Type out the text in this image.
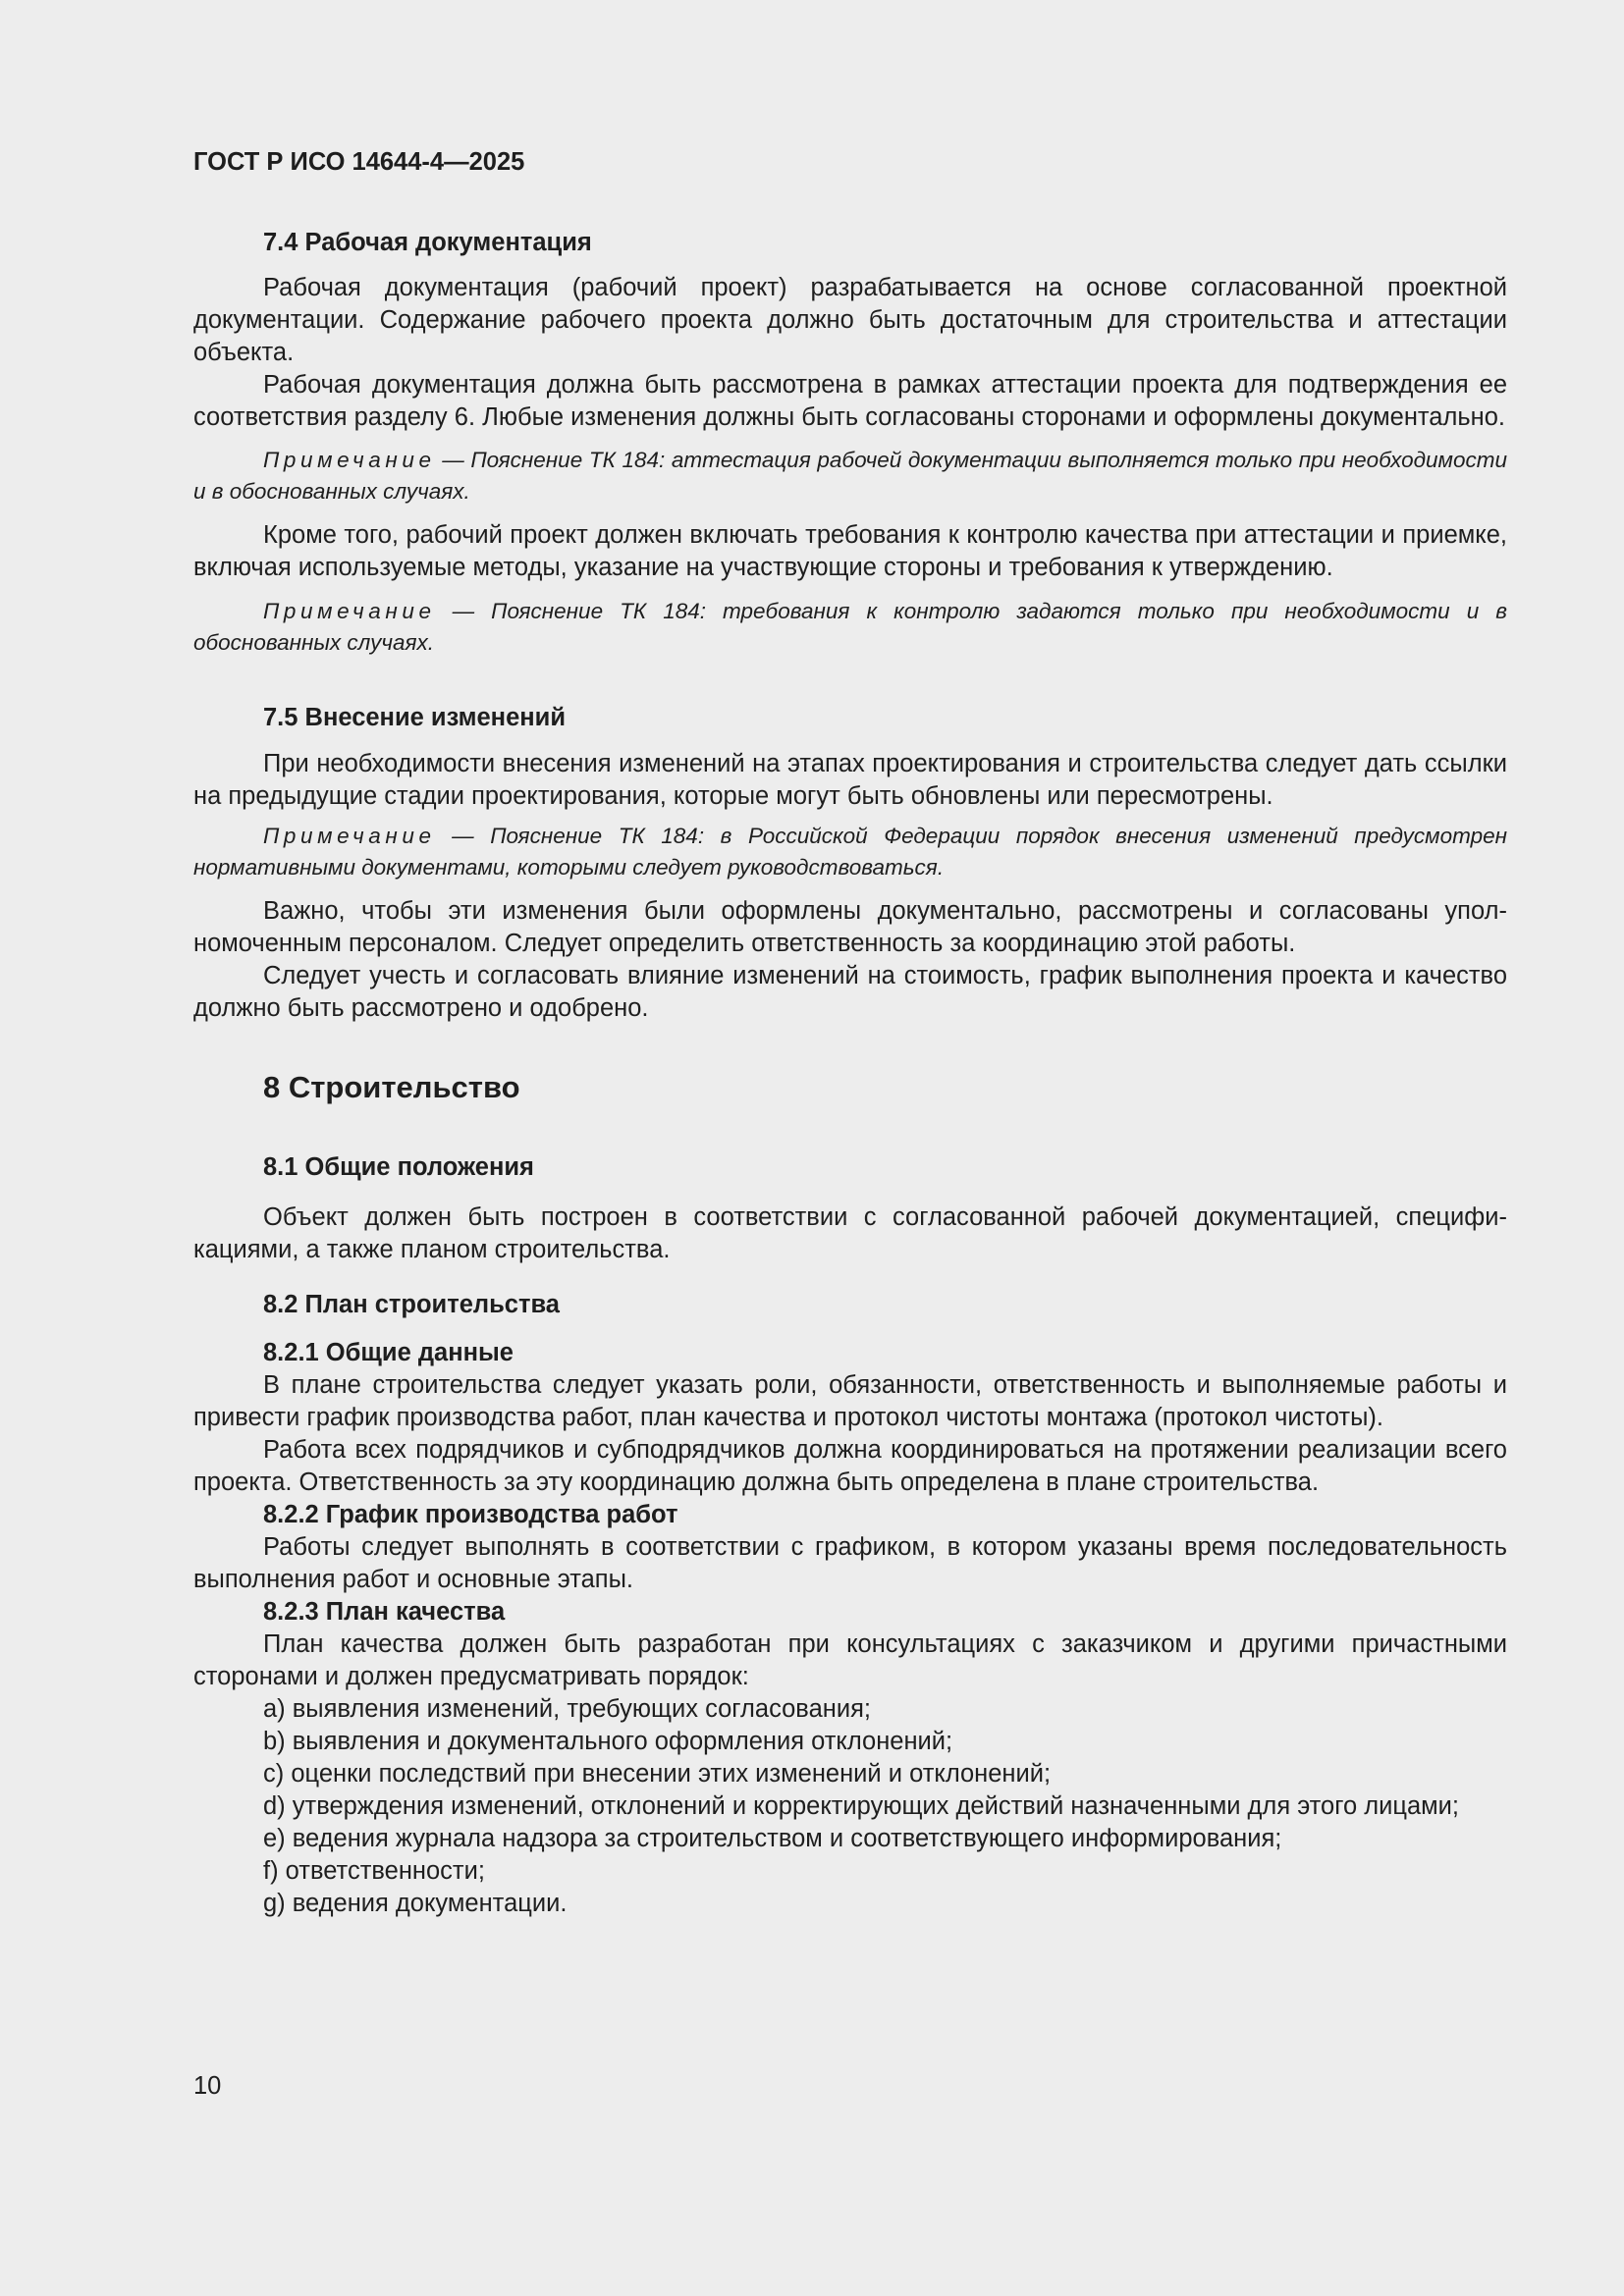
ГОСТ Р ИСО 14644-4—2025
7.4 Рабочая документация

Рабочая документация (рабочий проект) разрабатывается на основе согласованной проектной документации. Содержание рабочего проекта должно быть достаточным для строительства и аттестации объекта.

Рабочая документация должна быть рассмотрена в рамках аттестации проекта для подтверждения ее соответствия разделу 6. Любые изменения должны быть согласованы сторонами и оформлены документально.

Примечание — Пояснение ТК 184: аттестация рабочей документации выполняется только при необходимости и в обоснованных случаях.

Кроме того, рабочий проект должен включать требования к контролю качества при аттестации и приемке, включая используемые методы, указание на участвующие стороны и требования к утверждению.

Примечание — Пояснение ТК 184: требования к контролю задаются только при необходимости и в обоснованных случаях.

7.5 Внесение изменений

При необходимости внесения изменений на этапах проектирования и строительства следует дать ссылки на предыдущие стадии проектирования, которые могут быть обновлены или пересмотрены.

Примечание — Пояснение ТК 184: в Российской Федерации порядок внесения изменений предусмотрен нормативными документами, которыми следует руководствоваться.

Важно, чтобы эти изменения были оформлены документально, рассмотрены и согласованы уполномоченным персоналом. Следует определить ответственность за координацию этой работы.

Следует учесть и согласовать влияние изменений на стоимость, график выполнения проекта и качество должно быть рассмотрено и одобрено.

8 Строительство
8.1 Общие положения

Объект должен быть построен в соответствии с согласованной рабочей документацией, спецификациями, а также планом строительства.

8.2 План строительства
8.2.1 Общие данные

В плане строительства следует указать роли, обязанности, ответственность и выполняемые работы и привести график производства работ, план качества и протокол чистоты монтажа (протокол чистоты).

Работа всех подрядчиков и субподрядчиков должна координироваться на протяжении реализации всего проекта. Ответственность за эту координацию должна быть определена в плане строительства.

8.2.2 График производства работ

Работы следует выполнять в соответствии с графиком, в котором указаны время последовательность выполнения работ и основные этапы.

8.2.3 План качества

План качества должен быть разработан при консультациях с заказчиком и другими причастными сторонами и должен предусматривать порядок:

a) выявления изменений, требующих согласования;

b) выявления и документального оформления отклонений;

c) оценки последствий при внесении этих изменений и отклонений;

d) утверждения изменений, отклонений и корректирующих действий назначенными для этого лицами;

e) ведения журнала надзора за строительством и соответствующего информирования;

f) ответственности;

g) ведения документации.

10
